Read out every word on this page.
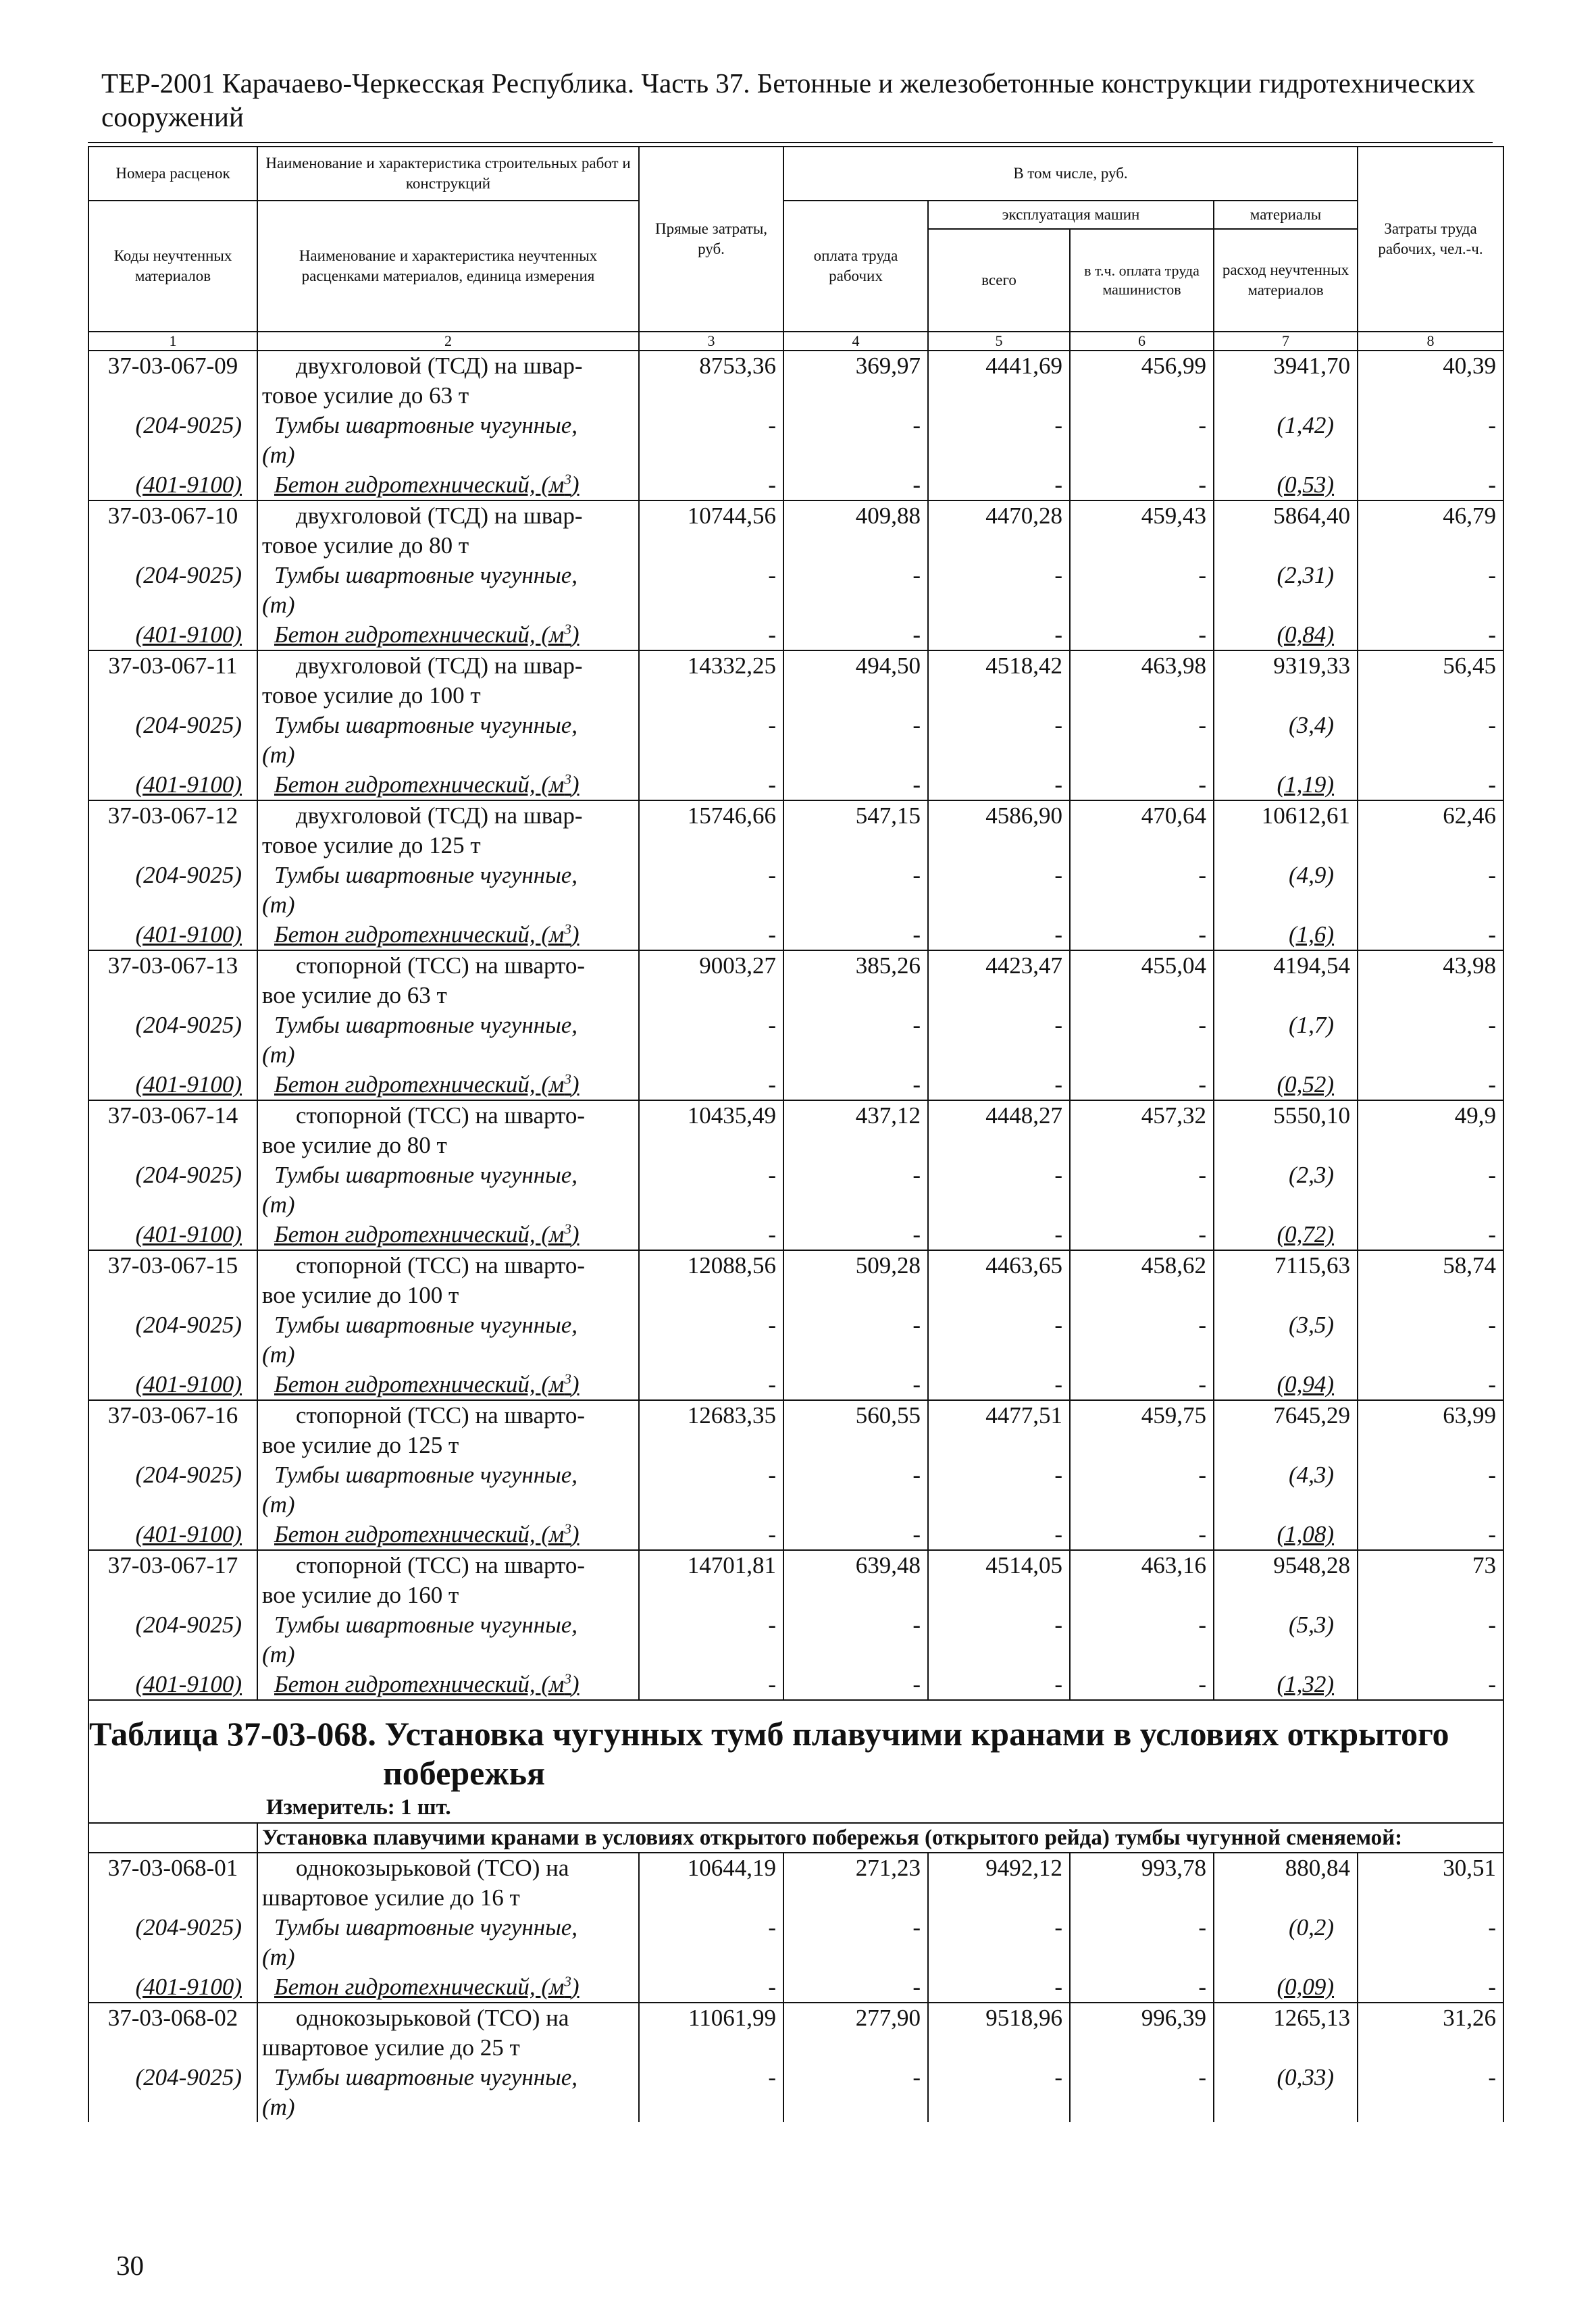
ТЕР-2001 Карачаево-Черкесская Республика. Часть 37. Бетонные и железобетонные конструкции гидротехнических сооружений
Номера расценок	Наименование и характеристика строительных работ и конструкций	Прямые затраты, руб.	В том числе, руб.				Затраты труда рабочих, чел.-ч.
Коды неучтенных материалов	Наименование и характеристика неучтенных расценками материалов, единица измерения		оплата труда рабочих	эксплуатация машин		материалы	
				всего	в т.ч. оплата труда машинистов	расход неучтенных материалов	
1	2	3	4	5	6	7	8
37-03-067-09	двухголовой (ТСД) на швар-
товое усилие до 63 т	8753,36	369,97	4441,69	456,99	3941,70	40,39
(204-9025)	Тумбы швартовные чугунные,
(т)	-	-	-	-	(1,42)	-
(401-9100)	Бетон гидротехнический, $(м^3)$	-	-	-	-	(0,53)	-
37-03-067-10	двухголовой (ТСД) на швар-
товое усилие до 80 т	10744,56	409,88	4470,28	459,43	5864,40	46,79
(204-9025)	Тумбы швартовные чугунные,
(т)	-	-	-	-	(2,31)	-
(401-9100)	Бетон гидротехнический, $(м^3)$	-	-	-	-	(0,84)	-
37-03-067-11	двухголовой (ТСД) на швар-
товое усилие до 100 т	14332,25	494,50	4518,42	463,98	9319,33	56,45
(204-9025)	Тумбы швартовные чугунные,
(т)	-	-	-	-	(3,4)	-
(401-9100)	Бетон гидротехнический, $(м^3)$	-	-	-	-	(1,19)	-
37-03-067-12	двухголовой (ТСД) на швар-
товое усилие до 125 т	15746,66	547,15	4586,90	470,64	10612,61	62,46
(204-9025)	Тумбы швартовные чугунные,
(т)	-	-	-	-	(4,9)	-
(401-9100)	Бетон гидротехнический, $(м^3)$	-	-	-	-	(1,6)	-
37-03-067-13	стопорной (ТСС) на шварто-
вое усилие до 63 т	9003,27	385,26	4423,47	455,04	4194,54	43,98
(204-9025)	Тумбы швартовные чугунные,
(т)	-	-	-	-	(1,7)	-
(401-9100)	Бетон гидротехнический, $(м^3)$	-	-	-	-	(0,52)	-
37-03-067-14	стопорной (ТСС) на шварто-
вое усилие до 80 т	10435,49	437,12	4448,27	457,32	5550,10	49,9
(204-9025)	Тумбы швартовные чугунные,
(т)	-	-	-	-	(2,3)	-
(401-9100)	Бетон гидротехнический, $(м^3)$	-	-	-	-	(0,72)	-
37-03-067-15	стопорной (ТСС) на шварто-
вое усилие до 100 т	12088,56	509,28	4463,65	458,62	7115,63	58,74
(204-9025)	Тумбы швартовные чугунные,
(т)	-	-	-	-	(3,5)	-
(401-9100)	Бетон гидротехнический, $(м^3)$	-	-	-	-	(0,94)	-
37-03-067-16	стопорной (ТСС) на шварто-
вое усилие до 125 т	12683,35	560,55	4477,51	459,75	7645,29	63,99
(204-9025)	Тумбы швартовные чугунные,
(т)	-	-	-	-	(4,3)	-
(401-9100)	Бетон гидротехнический, $(м^3)$	-	-	-	-	(1,08)	-
37-03-067-17	стопорной (ТСС) на шварто-
вое усилие до 160 т	14701,81	639,48	4514,05	463,16	9548,28	73
(204-9025)	Тумбы швартовные чугунные,
(т)	-	-	-	-	(5,3)	-
(401-9100)	Бетон гидротехнический, $(м^3)$	-	-	-	-	(1,32)	-
Таблица 37-03-068. Установка чугунных тумб плавучими кранами в условиях открытого
побережья							

Измеритель: 1 шт.							
	Установка плавучими кранами в условиях открытого побережья (открытого рейда) тумбы чугунной сменяемой:						
37-03-068-01	однокозырьковой (ТСО) на
швартовое усилие до 16 т	10644,19	271,23	9492,12	993,78	880,84	30,51
(204-9025)	Тумбы швартовные чугунные,
(т)	-	-	-	-	(0,2)	-
(401-9100)	Бетон гидротехнический, $(м^3)$	-	-	-	-	(0,09)	-
37-03-068-02	однокозырьковой (ТСО) на
швартовое усилие до 25 т	11061,99	277,90	9518,96	996,39	1265,13	31,26
(204-9025)	Тумбы швартовные чугунные,
(т)	-	-	-	-	(0,33)	-
30
